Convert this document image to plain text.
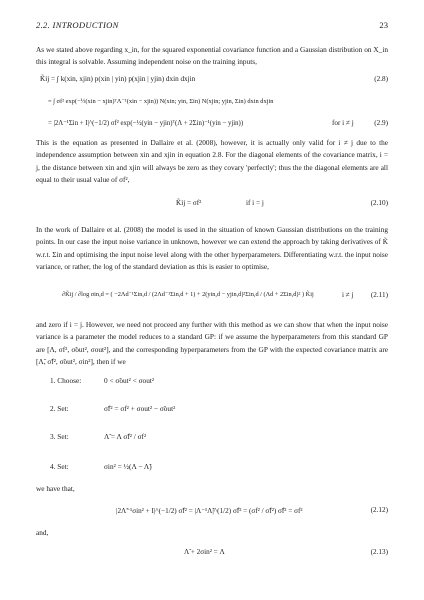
2.2. INTRODUCTION	23
As we stated above regarding x_in, for the squared exponential covariance function and a Gaussian distribution on X_in this integral is solvable. Assuming independent noise on the training inputs,
K̃ij = ∫ k(xin, xjin) p(xin | yin) p(xjin | yjin) dxin dxjin	(2.8)
= ∫ σf² exp(−½(xin − xjin)ᵀΛ⁻¹(xin − xjin)) N(xin; yin, Σin) N(xjin; yjin, Σin) dxin dxjin
= |2Λ⁻¹Σin + I|^(−1/2) σf² exp(−½(yin − yjin)ᵀ(Λ + 2Σin)⁻¹(yin − yjin))	for i ≠ j	(2.9)
This is the equation as presented in Dallaire et al. (2008), however, it is actually only valid for i ≠ j due to the independence assumption between xin and xjin in equation 2.8. For the diagonal elements of the covariance matrix, i = j, the distance between xin and xjin will always be zero as they covary 'perfectly'; thus the the diagonal elements are all equal to their usual value of σf²,
K̃ij = σf²	if i = j	(2.10)
In the work of Dallaire et al. (2008) the model is used in the situation of known Gaussian distributions on the training points. In our case the input noise variance in unknown, however we can extend the approach by taking derivatives of K̃ w.r.t. Σin and optimising the input noise level along with the other hyperparameters. Differentiating w.r.t. the input noise variance, or rather, the log of the standard deviation as this is easier to optimise,
∂K̃ij / ∂log σin,d = ( −2Λd⁻¹Σin,d / (2Λd⁻¹Σin,d + 1) + 2(yin,d − yjin,d)²Σin,d / (Λd + 2Σin,d)² ) K̃ij	i ≠ j (2.11)
and zero if i = j. However, we need not proceed any further with this method as we can show that when the input noise variance is a parameter the model reduces to a standard GP: if we assume the hyperparameters from this standard GP are [Λ, σf², σ̃out², σout²], and the corresponding hyperparameters from the GP with the expected covariance matrix are [Λ̃, σ̃f², σ̃out², σin²], then if we
1. Choose:	0 < σ̃out² < σout²
2. Set:	σ̃f² = σf² + σout² − σ̃out²
3. Set:	Λ̃ = Λ σ̃f² / σf²
4. Set:	σin² = ½(Λ − Λ̃)
we have that,
|2Λ̃⁻¹σin² + I|^(−1/2) σ̃f² = |Λ⁻¹Λ̃|^(1/2) σ̃f² = (σf² / σ̃f²) σ̃f² = σf²	(2.12)
and,
Λ̃ + 2σin² = Λ	(2.13)
